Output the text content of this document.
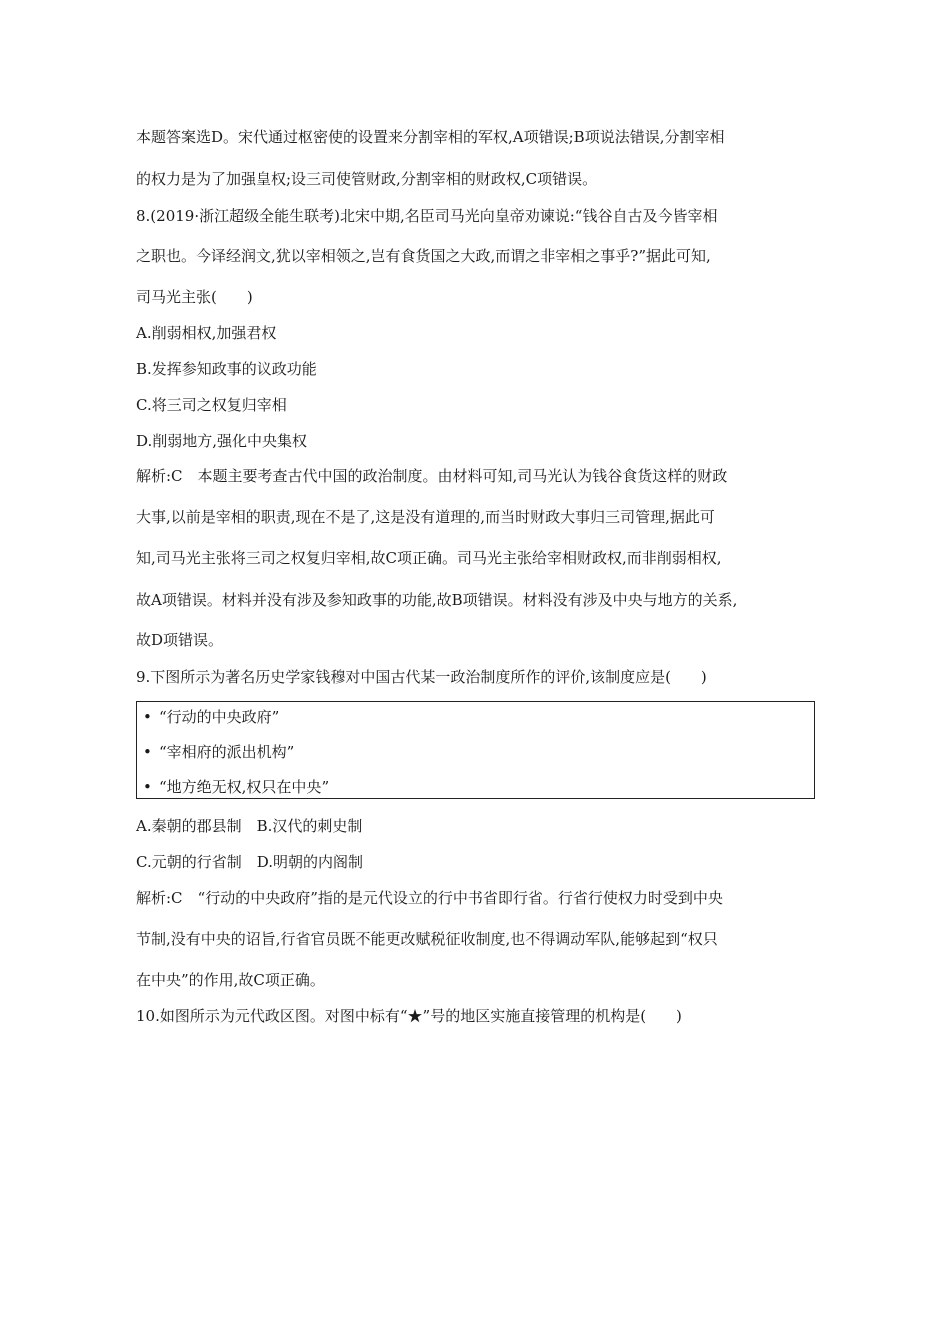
本题答案选D。宋代通过枢密使的设置来分割宰相的军权,A项错误;B项说法错误,分割宰相
的权力是为了加强皇权;设三司使管财政,分割宰相的财政权,C项错误。
8.(2019·浙江超级全能生联考)北宋中期,名臣司马光向皇帝劝谏说:“钱谷自古及今皆宰相
之职也。今译经润文,犹以宰相领之,岂有食货国之大政,而谓之非宰相之事乎?”据此可知,
司马光主张(　　)
A.削弱相权,加强君权
B.发挥参知政事的议政功能
C.将三司之权复归宰相
D.削弱地方,强化中央集权
解析:C　本题主要考查古代中国的政治制度。由材料可知,司马光认为钱谷食货这样的财政
大事,以前是宰相的职责,现在不是了,这是没有道理的,而当时财政大事归三司管理,据此可
知,司马光主张将三司之权复归宰相,故C项正确。司马光主张给宰相财政权,而非削弱相权,
故A项错误。材料并没有涉及参知政事的功能,故B项错误。材料没有涉及中央与地方的关系,
故D项错误。
9.下图所示为著名历史学家钱穆对中国古代某一政治制度所作的评价,该制度应是(　　)
• “行动的中央政府”
• “宰相府的派出机构”
• “地方绝无权,权只在中央”
A.秦朝的郡县制　B.汉代的刺史制
C.元朝的行省制　D.明朝的内阁制
解析:C　“行动的中央政府”指的是元代设立的行中书省即行省。行省行使权力时受到中央
节制,没有中央的诏旨,行省官员既不能更改赋税征收制度,也不得调动军队,能够起到“权只
在中央”的作用,故C项正确。
10.如图所示为元代政区图。对图中标有“★”号的地区实施直接管理的机构是(　　)
